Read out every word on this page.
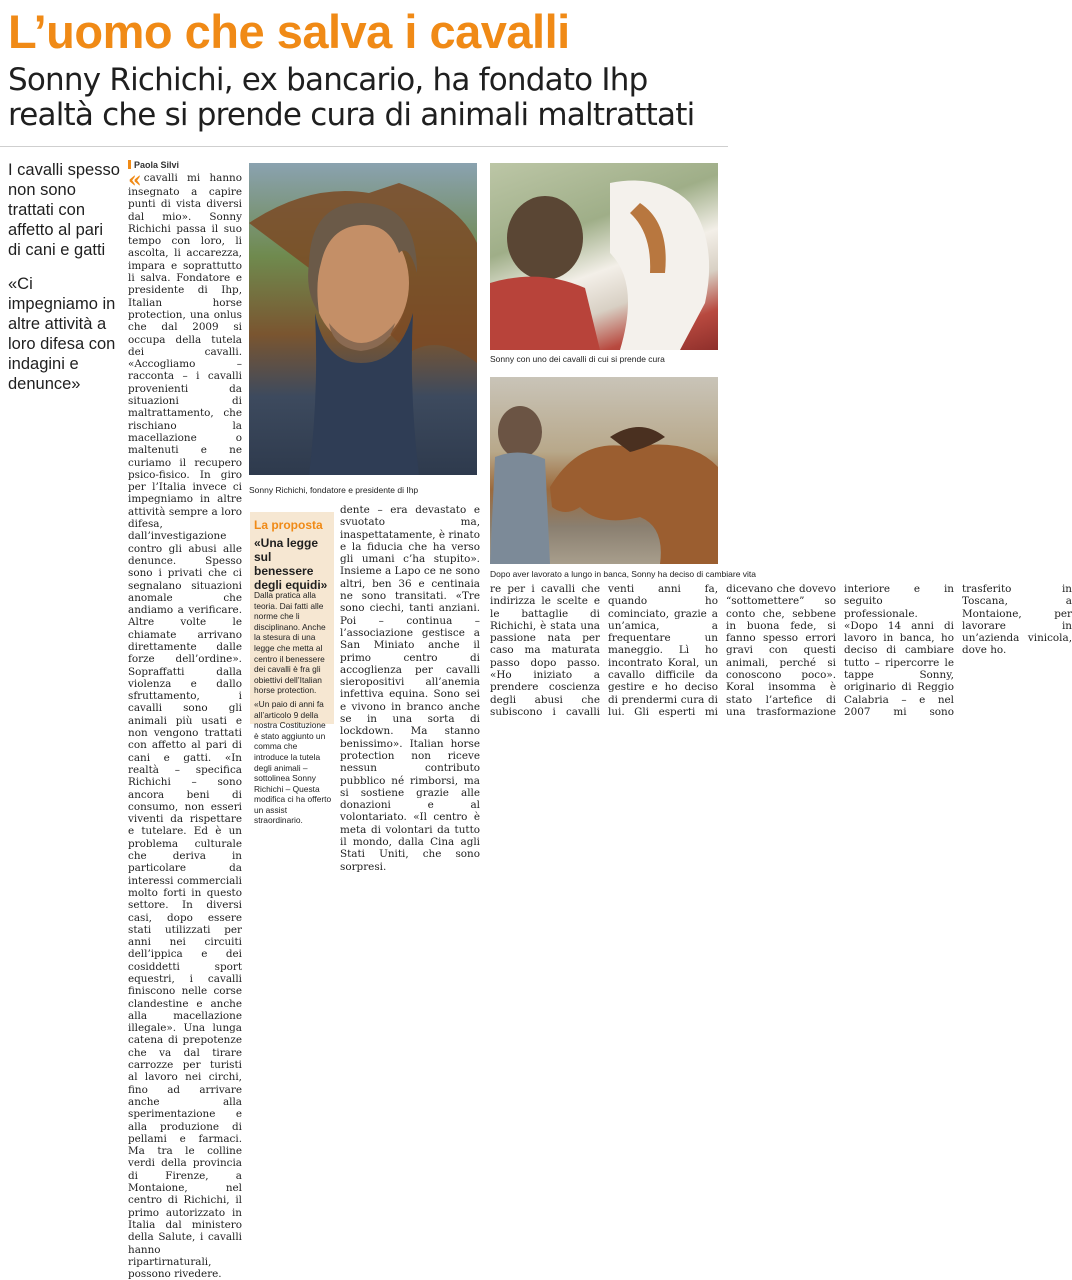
L’uomo che salva i cavalli
Sonny Richichi, ex bancario, ha fondato Ihp
realtà che si prende cura di animali maltrattati

I cavalli spesso non sono trattati con affetto al pari di cani e gatti

«Ci impegniamo in altre attività a loro difesa con indagini e denunce»

Paola Silvi
« cavalli mi hanno insegnato a capire punti di vista diversi dal mio». Sonny Richichi passa il suo tempo con loro, li ascolta, li accarezza, impara e soprattutto li salva. Fondatore e presidente di Ihp, Italian horse protection, una onlus che dal 2009 si occupa della tutela dei cavalli. «Accogliamo – racconta – i cavalli provenienti da situazioni di maltrattamento, che rischiano la macellazione o maltenuti e ne curiamo il recupero psico-fisico. In giro per l’Italia invece ci impegniamo in altre attività sempre a loro difesa, dall’investigazione contro gli abusi alle denunce. Spesso sono i privati che ci segnalano situazioni anomale che andiamo a verificare. Altre volte le chiamate arrivano direttamente dalle forze dell’ordine». Sopraffatti dalla violenza e dallo sfruttamento, i cavalli sono gli animali più usati e non vengono trattati con affetto al pari di cani e gatti. «In realtà – specifica Richichi – sono ancora beni di consumo, non esseri viventi da rispettare e tutelare. Ed è un problema culturale che deriva in particolare da interessi commerciali molto forti in questo settore. In diversi casi, dopo essere stati utilizzati per anni nei circuiti dell’ippica e dei cosiddetti sport equestri, i cavalli finiscono nelle corse clandestine e anche alla macellazione illegale». Una lunga catena di prepotenze che va dal tirare carrozze per turisti al lavoro nei circhi, fino ad arrivare anche alla sperimentazione e alla produzione di pellami e farmaci. Ma tra le colline verdi della provincia di Firenze, a Montaione, nel centro di Richichi, il primo autorizzato in Italia dal ministero della Salute, i cavalli hanno ripartirnaturali, possono rivedere.
Sonny Richichi, fondatore e presidente di Ihp
Sonny con uno dei cavalli di cui si prende cura
Dopo aver lavorato a lungo in banca, Sonny ha deciso di cambiare vita
La proposta
«Una legge sul benessere degli equidi»

Dalla pratica alla teoria. Dai fatti alle norme che li disciplinano. Anche la stesura di una legge che metta al centro il benessere dei cavalli è fra gli obiettivi dell’Italian horse protection.

«Un paio di anni fa all’articolo 9 della nostra Costituzione è stato aggiunto un comma che introduce la tutela degli animali – sottolinea Sonny Richichi – Questa modifica ci ha offerto un assist straordinario.

dente – era devastato e svuotato ma, inaspettatamente, è rinato e la fiducia che ha verso gli umani c’ha stupito». Insieme a Lapo ce ne sono altri, ben 36 e centinaia ne sono transitati. «Tre sono ciechi, tanti anziani. Poi – continua – l’associazione gestisce a San Miniato anche il primo centro di accoglienza per cavalli sieropositivi all’anemia infettiva equina. Sono sei e vivono in branco anche se in una sorta di lockdown. Ma stanno benissimo». Italian horse protection non riceve nessun contributo pubblico né rimborsi, ma si sostiene grazie alle donazioni e al volontariato. «Il centro è meta di volontari da tutto il mondo, dalla Cina agli Stati Uniti, che sono sorpresi.
re per i cavalli che indirizza le scelte e le battaglie di Richichi, è stata una passione nata per caso ma maturata passo dopo passo. «Ho iniziato a prendere coscienza degli abusi che subiscono i cavalli venti anni fa, quando ho cominciato, grazie a un’amica, a frequentare un maneggio. Lì ho incontrato Koral, un cavallo difficile da gestire e ho deciso di prendermi cura di lui. Gli esperti mi dicevano che dovevo “sottomettere” so conto che, sebbene in buona fede, si fanno spesso errori gravi con questi animali, perché si conoscono poco». Koral insomma è stato l’artefice di una trasformazione interiore e in seguito professionale. «Dopo 14 anni di lavoro in banca, ho deciso di cambiare tutto – ripercorre le tappe Sonny, originario di Reggio Calabria – e nel 2007 mi sono trasferito in Toscana, a Montaione, per lavorare in un’azienda vinicola, dove ho.
